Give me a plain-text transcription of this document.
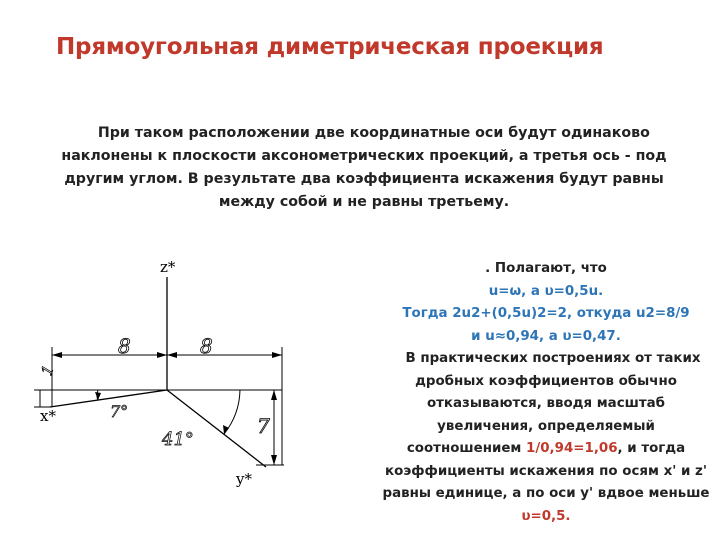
Прямоугольная диметрическая проекция
При таком расположении две координатные оси будут одинаково наклонены к плоскости аксонометрических проекций, а третья ось - под другим углом. В результате два коэффициента искажения будут равны между собой и не равны третьему.
z*
x*
y*
8	8
1
7
7°
41°
. Полагают, что
u=ω, а υ=0,5u.
Тогда 2u2+(0,5u)2=2, откуда u2=8/9
и u≈0,94, а υ=0,47.
В практических построениях от таких дробных коэффициентов обычно отказываются, вводя масштаб увеличения, определяемый соотношением 1/0,94=1,06, и тогда коэффициенты искажения по осям x' и z' равны единице, а по оси y' вдвое меньше υ=0,5.
